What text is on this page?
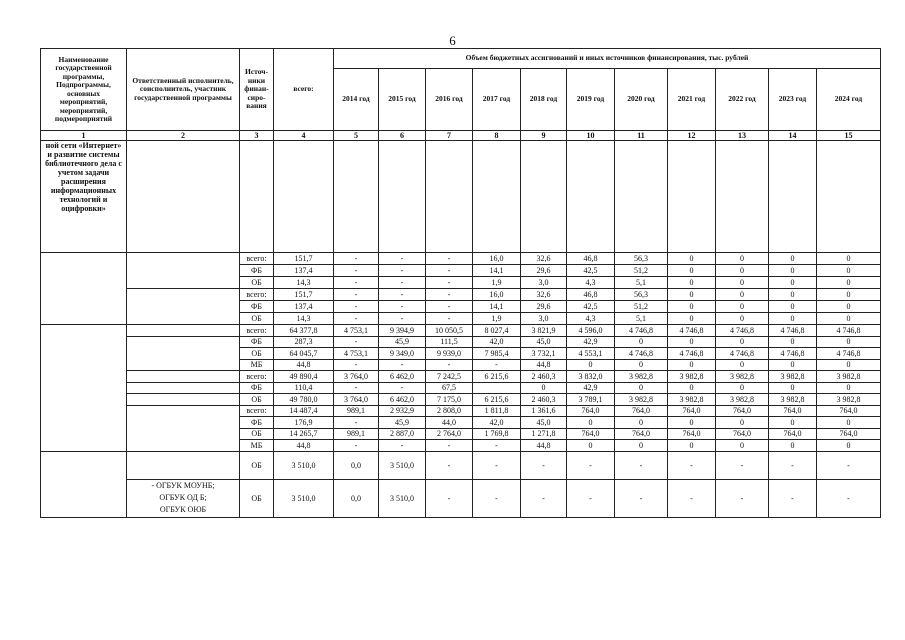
6
Наименование государственной программы, Подпрограммы, основных мероприятий, мероприятий, подмероприятий	Ответственный исполнитель, соисполнитель, участник государственной программы	Источ-ники финан-сиро-вания	всего:	Объем бюджетных ассигнований и иных источников финансирования, тыс. рублей										
				2014 год	2015 год	2016 год	2017 год	2018 год	2019 год	2020 год	2021 год	2022 год	2023 год	2024 год
1	2	3	4	5	6	7	8	9	10	11	12	13	14	15
ной сети «Интернет» и развитие системы библиотечного дела с учетом задачи расширения информационных технологий и оцифровки»														
		всего:	151,7	-	-	-	16,0	32,6	46,8	56,3	0	0	0	0
		ФБ	137,4	-	-	-	14,1	29,6	42,5	51,2	0	0	0	0
		ОБ	14,3	-	-	-	1,9	3,0	4,3	5,1	0	0	0	0
		всего:	151,7	-	-	-	16,0	32,6	46,8	56,3	0	0	0	0
		ФБ	137,4	-	-	-	14,1	29,6	42,5	51,2	0	0	0	0
		ОБ	14,3	-	-	-	1,9	3,0	4,3	5,1	0	0	0	0
		всего:	64 377,8	4 753,1	9 394,9	10 050,5	8 027,4	3 821,9	4 596,0	4 746,8	4 746,8	4 746,8	4 746,8	4 746,8
		ФБ	287,3	-	45,9	111,5	42,0	45,0	42,9	0	0	0	0	0
		ОБ	64 045,7	4 753,1	9 349,0	9 939,0	7 985,4	3 732,1	4 553,1	4 746,8	4 746,8	4 746,8	4 746,8	4 746,8
		МБ	44,8	-	-	-	-	44,8	0	0	0	0	0	0
		всего:	49 890,4	3 764,0	6 462,0	7 242,5	6 215,6	2 460,3	3 832,0	3 982,8	3 982,8	3 982,8	3 982,8	3 982,8
		ФБ	110,4	-	-	67,5		0	42,9	0	0	0	0	0
		ОБ	49 780,0	3 764,0	6 462,0	7 175,0	6 215,6	2 460,3	3 789,1	3 982,8	3 982,8	3 982,8	3 982,8	3 982,8
		всего:	14 487,4	989,1	2 932,9	2 808,0	1 811,8	1 361,6	764,0	764,0	764,0	764,0	764,0	764,0
		ФБ	176,9	-	45,9	44,0	42,0	45,0	0	0	0	0	0	0
		ОБ	14 265,7	989,1	2 887,0	2 764,0	1 769,8	1 271,8	764,0	764,0	764,0	764,0	764,0	764,0
		МБ	44,8	-	-	-	-	44,8	0	0	0	0	0	0
		ОБ	3 510,0	0,0	3 510,0	-	-	-	-	-	-	-	-	-

	- ОГБУК МОУНБ;
ОГБУК ОД Б;
ОГБУК ОЮБ	ОБ	3 510,0	0,0	3 510,0	-	-	-	-	-	-	-	-	-
